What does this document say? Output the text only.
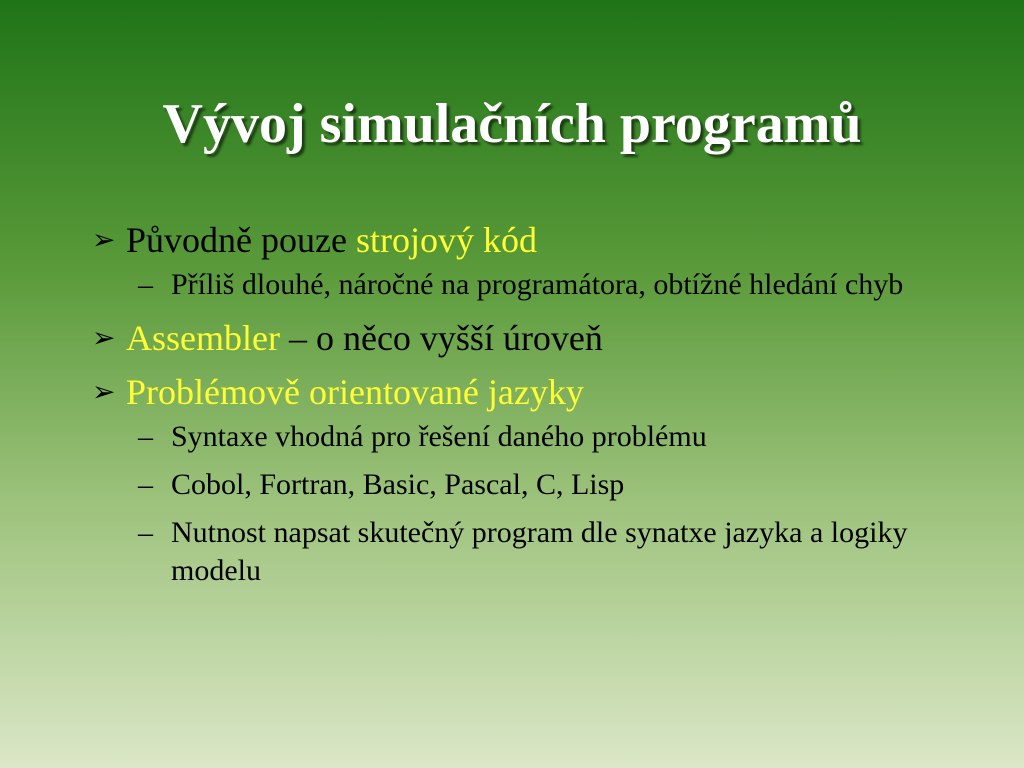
Vývoj simulačních programů
➢ Původně pouze strojový kód
– Příliš dlouhé, náročné na programátora, obtížné hledání chyb
➢ Assembler – o něco vyšší úroveň
➢ Problémově orientované jazyky
– Syntaxe vhodná pro řešení daného problému
– Cobol, Fortran, Basic, Pascal, C, Lisp
– Nutnost napsat skutečný program dle synatxe jazyka a logiky modelu
